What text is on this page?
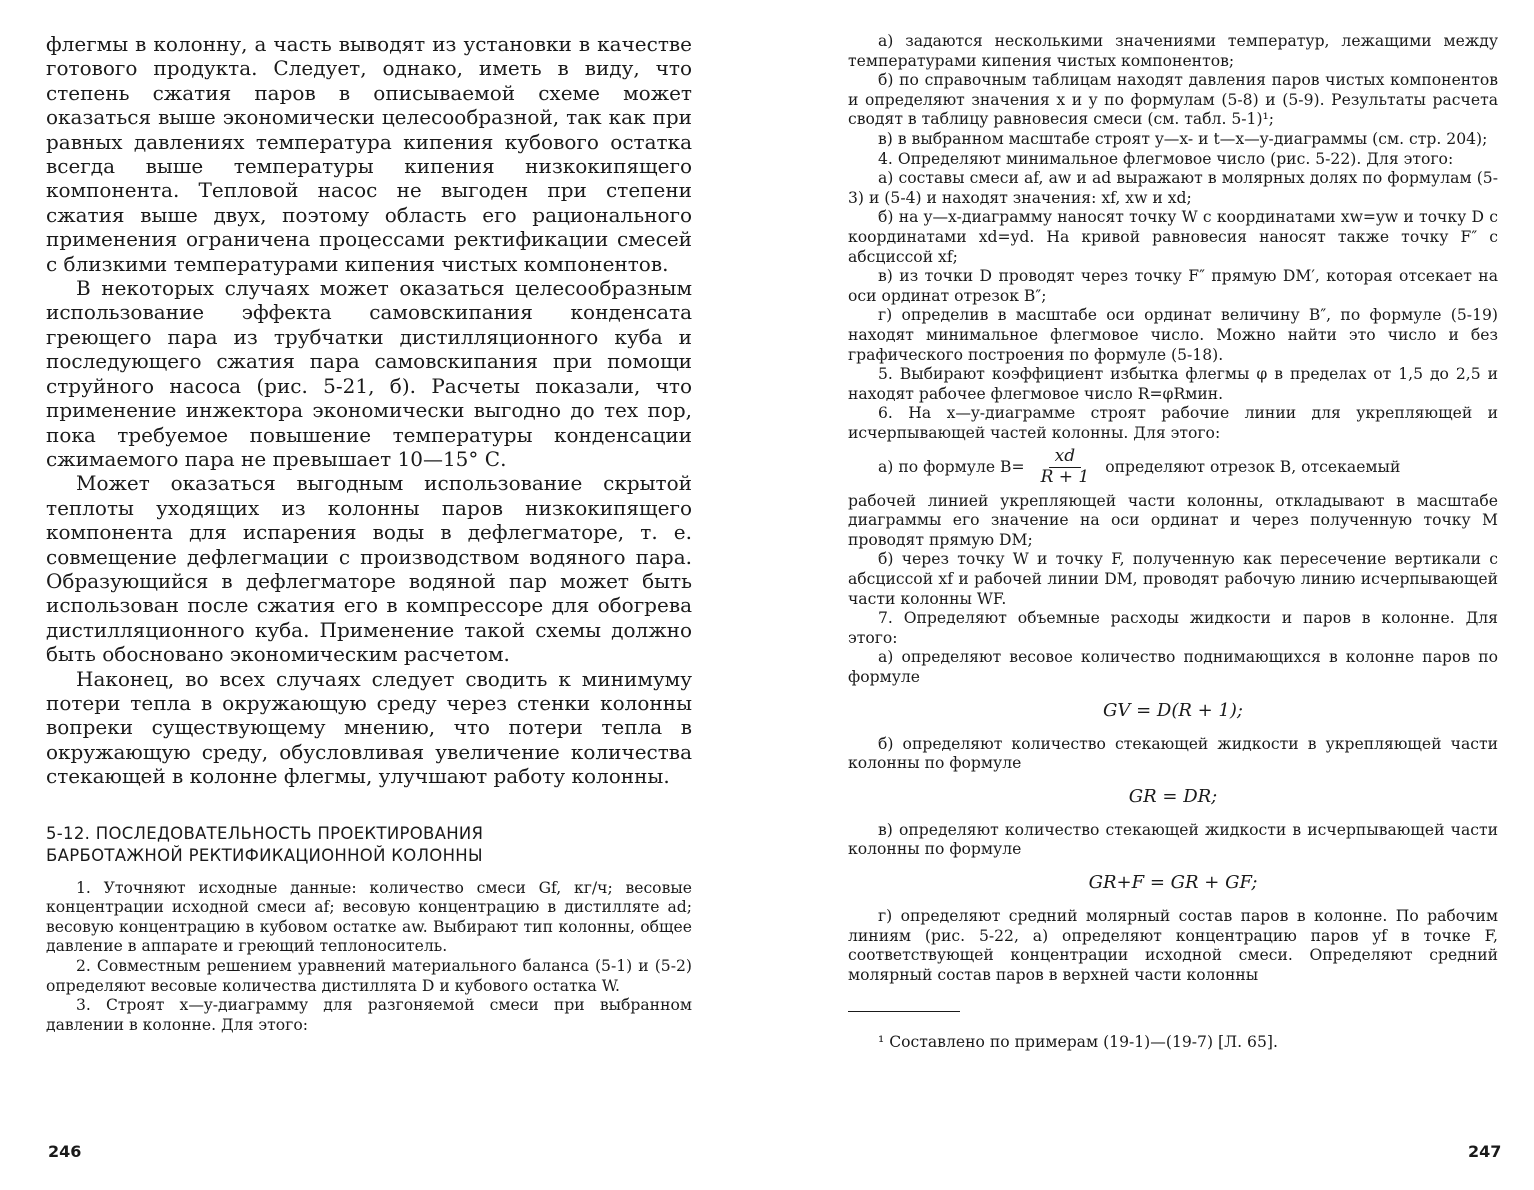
флегмы в колонну, а часть выводят из установки в качестве готового продукта. Следует, однако, иметь в виду, что степень сжатия паров в описываемой схеме может оказаться выше экономически целесообразной, так как при равных давлениях температура кипения кубового остатка всегда выше температуры кипения низкокипящего компонента. Тепловой насос не выгоден при степени сжатия выше двух, поэтому область его рационального применения ограничена процессами ректификации смесей с близкими температурами кипения чистых компонентов.

В некоторых случаях может оказаться целесообразным использование эффекта самовскипания конденсата греющего пара из трубчатки дистилляционного куба и последующего сжатия пара самовскипания при помощи струйного насоса (рис. 5-21, б). Расчеты показали, что применение инжектора экономически выгодно до тех пор, пока требуемое повышение температуры конденсации сжимаемого пара не превышает 10—15° С.

Может оказаться выгодным использование скрытой теплоты уходящих из колонны паров низкокипящего компонента для испарения воды в дефлегматоре, т. е. совмещение дефлегмации с производством водяного пара. Образующийся в дефлегматоре водяной пар может быть использован после сжатия его в компрессоре для обогрева дистилляционного куба. Применение такой схемы должно быть обосновано экономическим расчетом.

Наконец, во всех случаях следует сводить к минимуму потери тепла в окружающую среду через стенки колонны вопреки существующему мнению, что потери тепла в окружающую среду, обусловливая увеличение количества стекающей в колонне флегмы, улучшают работу колонны.

5-12. ПОСЛЕДОВАТЕЛЬНОСТЬ ПРОЕКТИРОВАНИЯ
БАРБОТАЖНОЙ РЕКТИФИКАЦИОННОЙ КОЛОННЫ

1. Уточняют исходные данные: количество смеси Gf, кг/ч; весовые концентрации исходной смеси af; весовую концентрацию в дистилляте ad; весовую концентрацию в кубовом остатке aw. Выбирают тип колонны, общее давление в аппарате и греющий теплоноситель.

2. Совместным решением уравнений материального баланса (5-1) и (5-2) определяют весовые количества дистиллята D и кубового остатка W.

3. Строят x—y-диаграмму для разгоняемой смеси при выбранном давлении в колонне. Для этого:

246

а) задаются несколькими значениями температур, лежащими между температурами кипения чистых компонентов;

б) по справочным таблицам находят давления паров чистых компонентов и определяют значения x и y по формулам (5-8) и (5-9). Результаты расчета сводят в таблицу равновесия смеси (см. табл. 5-1)¹;

в) в выбранном масштабе строят y—x- и t—x—y-диаграммы (см. стр. 204);

4. Определяют минимальное флегмовое число (рис. 5-22). Для этого:

а) составы смеси af, aw и ad выражают в молярных долях по формулам (5-3) и (5-4) и находят значения: xf, xw и xd;

б) на y—x-диаграмму наносят точку W с координатами xw=yw и точку D с координатами xd=yd. На кривой равновесия наносят также точку F″ с абсциссой xf;

в) из точки D проводят через точку F″ прямую DM′, которая отсекает на оси ординат отрезок B″;

г) определив в масштабе оси ординат величину B″, по формуле (5-19) находят минимальное флегмовое число. Можно найти это число и без графического построения по формуле (5-18).

5. Выбирают коэффициент избытка флегмы φ в пределах от 1,5 до 2,5 и находят рабочее флегмовое число R=φRмин.

6. На x—y-диаграмме строят рабочие линии для укрепляющей и исчерпывающей частей колонны. Для этого:

а) по формуле $B= \frac{xd}{R + 1}$ определяют отрезок B, отсекаемый

рабочей линией укрепляющей части колонны, откладывают в масштабе диаграммы его значение на оси ординат и через полученную точку M проводят прямую DM;

б) через точку W и точку F, полученную как пересечение вертикали с абсциссой xf и рабочей линии DM, проводят рабочую линию исчерпывающей части колонны WF.

7. Определяют объемные расходы жидкости и паров в колонне. Для этого:

а) определяют весовое количество поднимающихся в колонне паров по формуле

GV = D(R + 1);

б) определяют количество стекающей жидкости в укрепляющей части колонны по формуле

GR = DR;

в) определяют количество стекающей жидкости в исчерпывающей части колонны по формуле

GR+F = GR + GF;

г) определяют средний молярный состав паров в колонне. По рабочим линиям (рис. 5-22, а) определяют концентрацию паров yf в точке F, соответствующей концентрации исходной смеси. Определяют средний молярный состав паров в верхней части колонны

¹ Составлено по примерам (19-1)—(19-7) [Л. 65].
247
